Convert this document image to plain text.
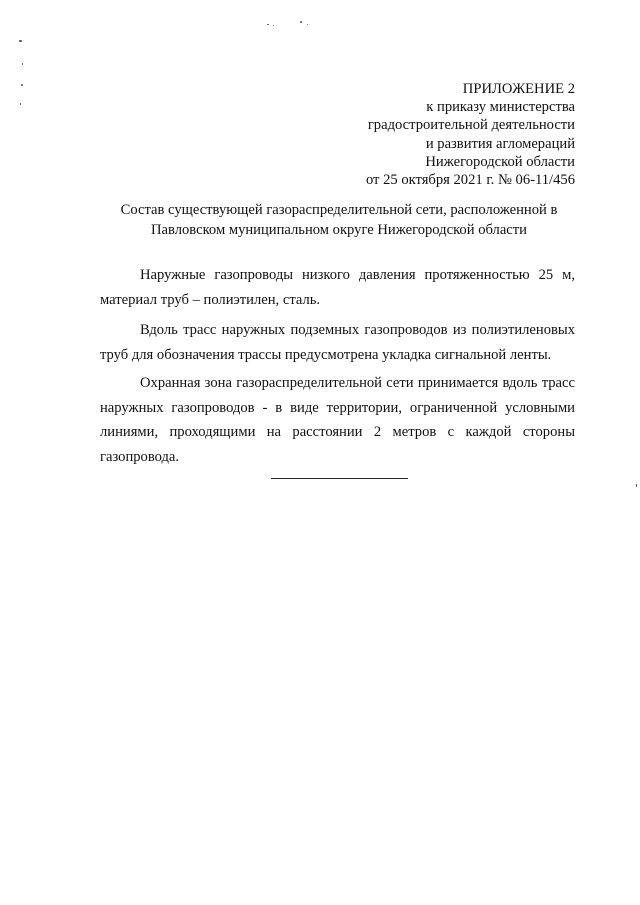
ПРИЛОЖЕНИЕ 2
к приказу министерства
градостроительной деятельности
и развития агломераций
Нижегородской области
от 25 октября 2021 г. № 06-11/456
Состав существующей газораспределительной сети, расположенной в
Павловском муниципальном округе Нижегородской области
Наружные газопроводы низкого давления протяженностью 25 м,
материал труб – полиэтилен, сталь.
Вдоль трасс наружных подземных газопроводов из полиэтиленовых
труб для обозначения трассы предусмотрена укладка сигнальной ленты.
Охранная зона газораспределительной сети принимается вдоль трасс
наружных газопроводов - в виде территории, ограниченной условными
линиями, проходящими на расстоянии 2 метров с каждой стороны
газопровода.
